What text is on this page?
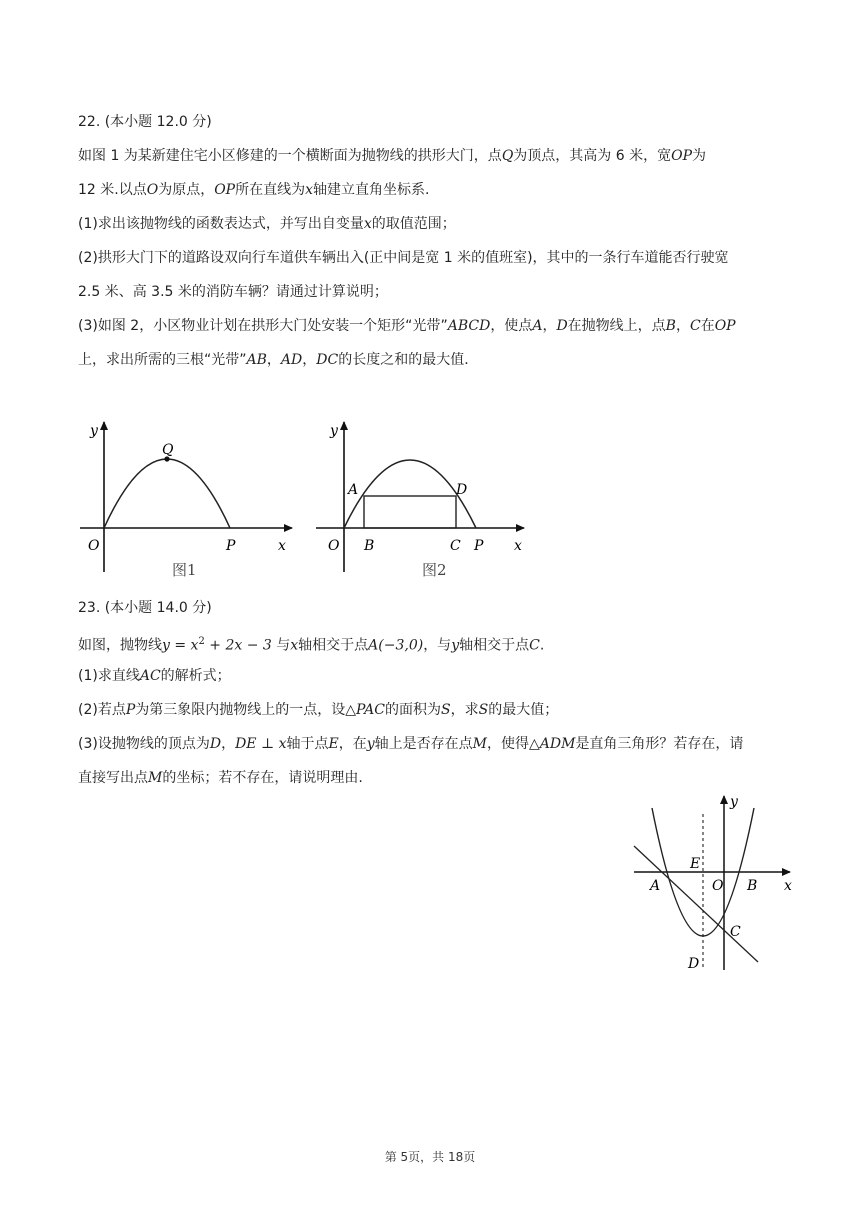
22. (本小题 12.0 分)
如图 1 为某新建住宅小区修建的一个横断面为抛物线的拱形大门，点Q为顶点，其高为 6 米，宽OP为
12 米.以点O为原点，OP所在直线为x轴建立直角坐标系.
(1)求出该抛物线的函数表达式，并写出自变量x的取值范围；
(2)拱形大门下的道路设双向行车道供车辆出入(正中间是宽 1 米的值班室)，其中的一条行车道能否行驶宽
2.5 米、高 3.5 米的消防车辆？请通过计算说明；
(3)如图 2，小区物业计划在拱形大门处安装一个矩形“光带”ABCD，使点A，D在抛物线上，点B，C在OP
上，求出所需的三根“光带”AB，AD，DC的长度之和的最大值.
y
Q
O	P	x
图1
y
A	D
O B	C P x
图2
23. (本小题 14.0 分)
如图，抛物线$y = x^2 + 2x - 3$ 与x轴相交于点A(−3,0)，与y轴相交于点C.
(1)求直线AC的解析式；
(2)若点P为第三象限内抛物线上的一点，设△PAC的面积为S，求S的最大值；
(3)设抛物线的顶点为D，DE ⊥ x轴于点E，在y轴上是否存在点M，使得△ADM是直角三角形？若存在，请
直接写出点M的坐标；若不存在，请说明理由.
x
y
A	B
O
E
C
D
第 5页，共 18页
